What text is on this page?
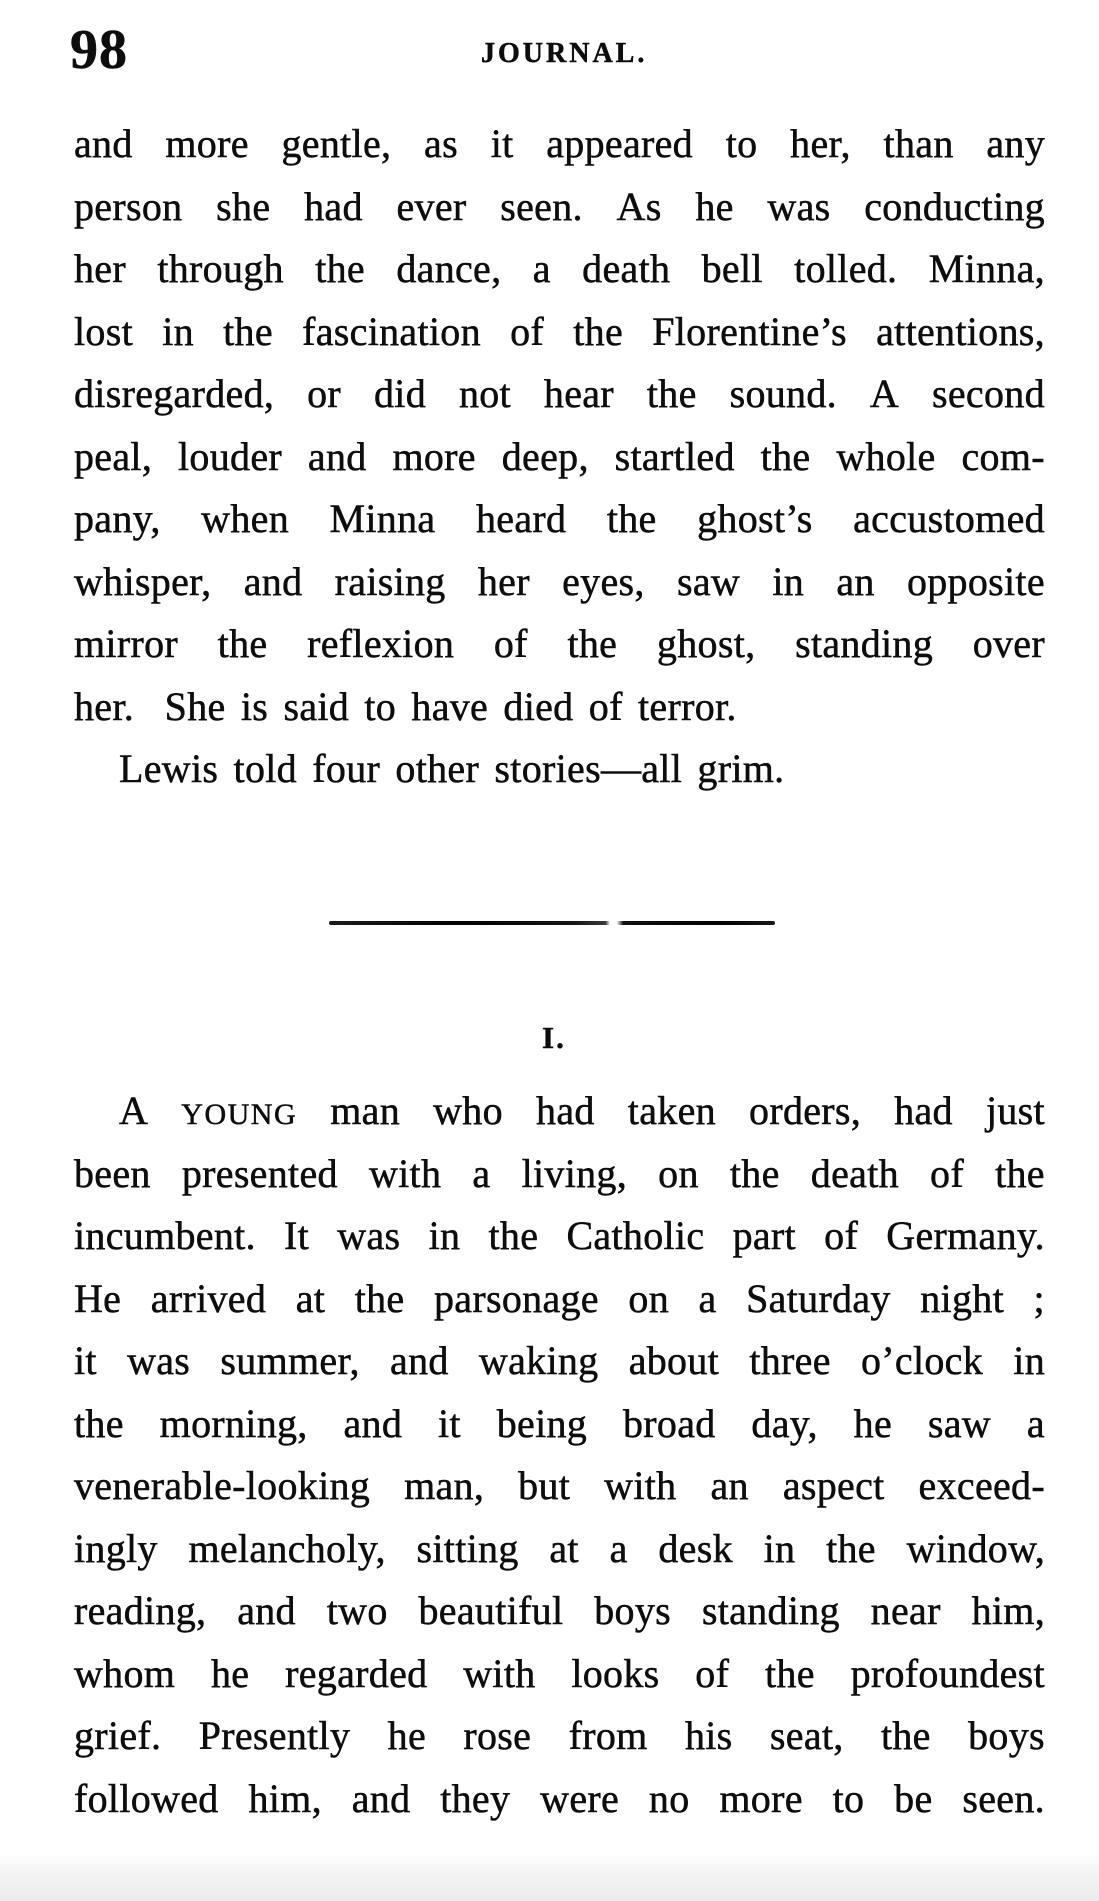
98	JOURNAL.
and more gentle, as it appeared to her, than any
person she had ever seen. As he was conducting
her through the dance, a death bell tolled. Minna,
lost in the fascination of the Florentine’s attentions,
disregarded, or did not hear the sound. A second
peal, louder and more deep, startled the whole com-
pany, when Minna heard the ghost’s accustomed
whisper, and raising her eyes, saw in an opposite
mirror the reflexion of the ghost, standing over
her.  She is said to have died of terror.
Lewis told four other stories—all grim.
I.
A YOUNG man who had taken orders, had just
been presented with a living, on the death of the
incumbent. It was in the Catholic part of Germany.
He arrived at the parsonage on a Saturday night ;
it was summer, and waking about three o’clock in
the morning, and it being broad day, he saw a
venerable-looking man, but with an aspect exceed-
ingly melancholy, sitting at a desk in the window,
reading, and two beautiful boys standing near him,
whom he regarded with looks of the profoundest
grief. Presently he rose from his seat, the boys
followed him, and they were no more to be seen.
